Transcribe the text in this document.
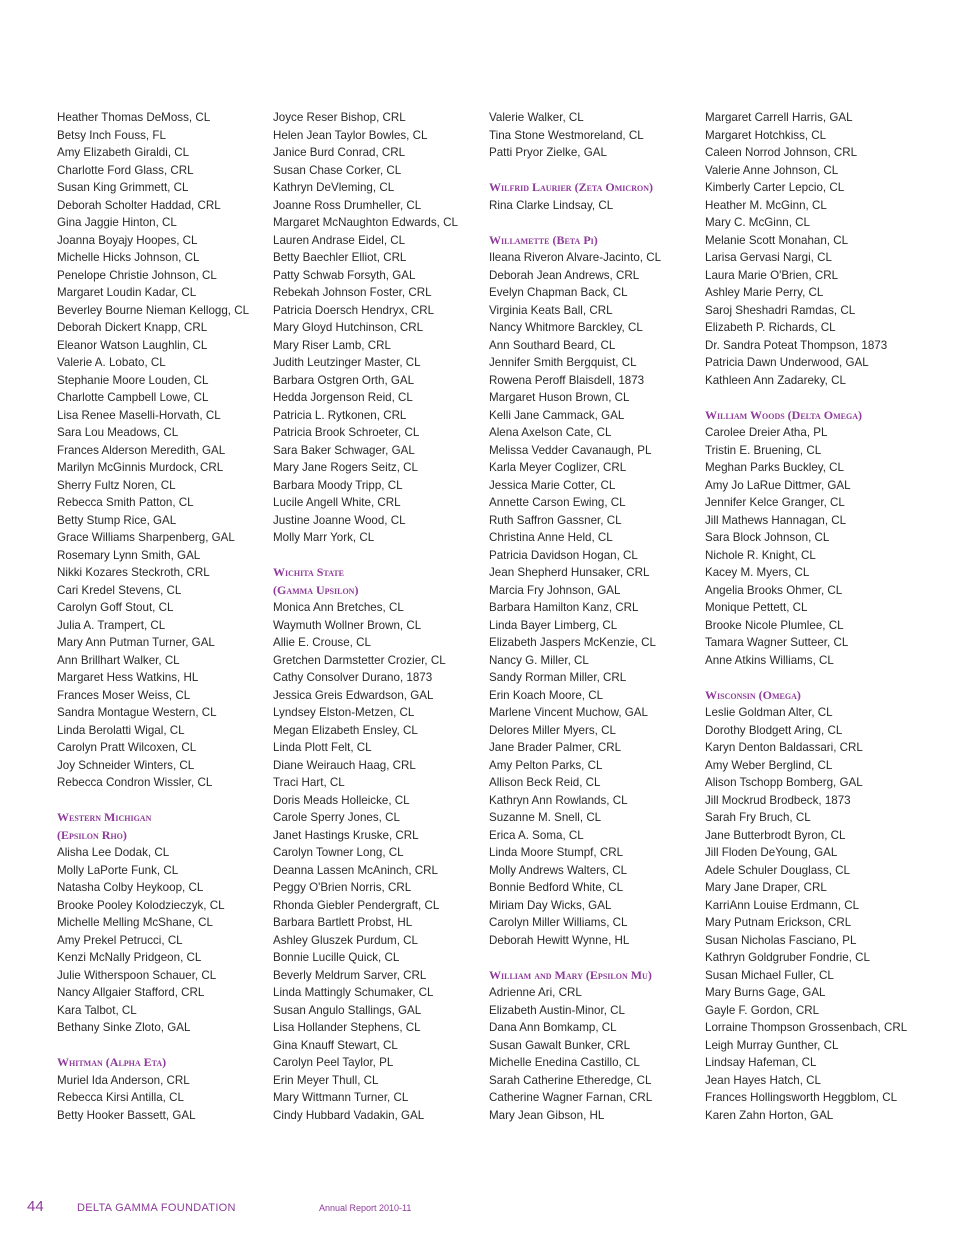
Heather Thomas DeMoss, CL
Betsy Inch Fouss, FL
Amy Elizabeth Giraldi, CL
Charlotte Ford Glass, CRL
Susan King Grimmett, CL
Deborah Scholter Haddad, CRL
Gina Jaggie Hinton, CL
Joanna Boyajy Hoopes, CL
Michelle Hicks Johnson, CL
Penelope Christie Johnson, CL
Margaret Loudin Kadar, CL
Beverley Bourne Nieman Kellogg, CL
Deborah Dickert Knapp, CRL
Eleanor Watson Laughlin, CL
Valerie A. Lobato, CL
Stephanie Moore Louden, CL
Charlotte Campbell Lowe, CL
Lisa Renee Maselli-Horvath, CL
Sara Lou Meadows, CL
Frances Alderson Meredith, GAL
Marilyn McGinnis Murdock, CRL
Sherry Fultz Noren, CL
Rebecca Smith Patton, CL
Betty Stump Rice, GAL
Grace Williams Sharpenberg, GAL
Rosemary Lynn Smith, GAL
Nikki Kozares Steckroth, CRL
Cari Kredel Stevens, CL
Carolyn Goff Stout, CL
Julia A. Trampert, CL
Mary Ann Putman Turner, GAL
Ann Brillhart Walker, CL
Margaret Hess Watkins, HL
Frances Moser Weiss, CL
Sandra Montague Western, CL
Linda Berolatti Wigal, CL
Carolyn Pratt Wilcoxen, CL
Joy Schneider Winters, CL
Rebecca Condron Wissler, CL
Western Michigan
(Epsilon Rho)
Alisha Lee Dodak, CL
Molly LaPorte Funk, CL
Natasha Colby Heykoop, CL
Brooke Pooley Kolodzieczyk, CL
Michelle Melling McShane, CL
Amy Prekel Petrucci, CL
Kenzi McNally Pridgeon, CL
Julie Witherspoon Schauer, CL
Nancy Allgaier Stafford, CRL
Kara Talbot, CL
Bethany Sinke Zloto, GAL
Whitman (Alpha Eta)
Muriel Ida Anderson, CRL
Rebecca Kirsi Antilla, CL
Betty Hooker Bassett, GAL
Joyce Reser Bishop, CRL
Helen Jean Taylor Bowles, CL
Janice Burd Conrad, CRL
Susan Chase Corker, CL
Kathryn DeVleming, CL
Joanne Ross Drumheller, CL
Margaret McNaughton Edwards, CL
Lauren Andrase Eidel, CL
Betty Baechler Elliot, CRL
Patty Schwab Forsyth, GAL
Rebekah Johnson Foster, CRL
Patricia Doersch Hendryx, CRL
Mary Gloyd Hutchinson, CRL
Mary Riser Lamb, CRL
Judith Leutzinger Master, CL
Barbara Ostgren Orth, GAL
Hedda Jorgenson Reid, CL
Patricia L. Rytkonen, CRL
Patricia Brook Schroeter, CL
Sara Baker Schwager, GAL
Mary Jane Rogers Seitz, CL
Barbara Moody Tripp, CL
Lucile Angell White, CRL
Justine Joanne Wood, CL
Molly Marr York, CL
Wichita State
(Gamma Upsilon)
Monica Ann Bretches, CL
Waymuth Wollner Brown, CL
Allie E. Crouse, CL
Gretchen Darmstetter Crozier, CL
Cathy Consolver Durano, 1873
Jessica Greis Edwardson, GAL
Lyndsey Elston-Metzen, CL
Megan Elizabeth Ensley, CL
Linda Plott Felt, CL
Diane Weirauch Haag, CRL
Traci Hart, CL
Doris Meads Holleicke, CL
Carole Sperry Jones, CL
Janet Hastings Kruske, CRL
Carolyn Towner Long, CL
Deanna Lassen McAninch, CRL
Peggy O'Brien Norris, CRL
Rhonda Giebler Pendergraft, CL
Barbara Bartlett Probst, HL
Ashley Gluszek Purdum, CL
Bonnie Lucille Quick, CL
Beverly Meldrum Sarver, CRL
Linda Mattingly Schumaker, CL
Susan Angulo Stallings, GAL
Lisa Hollander Stephens, CL
Gina Knauff Stewart, CL
Carolyn Peel Taylor, PL
Erin Meyer Thull, CL
Mary Wittmann Turner, CL
Cindy Hubbard Vadakin, GAL
Valerie Walker, CL
Tina Stone Westmoreland, CL
Patti Pryor Zielke, GAL
Wilfrid Laurier (Zeta Omicron)
Rina Clarke Lindsay, CL
Willamette (Beta Pi)
Ileana Riveron Alvare-Jacinto, CL
Deborah Jean Andrews, CRL
Evelyn Chapman Back, CL
Virginia Keats Ball, CRL
Nancy Whitmore Barckley, CL
Ann Southard Beard, CL
Jennifer Smith Bergquist, CL
Rowena Peroff Blaisdell, 1873
Margaret Huson Brown, CL
Kelli Jane Cammack, GAL
Alena Axelson Cate, CL
Melissa Vedder Cavanaugh, PL
Karla Meyer Coglizer, CRL
Jessica Marie Cotter, CL
Annette Carson Ewing, CL
Ruth Saffron Gassner, CL
Christina Anne Held, CL
Patricia Davidson Hogan, CL
Jean Shepherd Hunsaker, CRL
Marcia Fry Johnson, GAL
Barbara Hamilton Kanz, CRL
Linda Bayer Limberg, CL
Elizabeth Jaspers McKenzie, CL
Nancy G. Miller, CL
Sandy Rorman Miller, CRL
Erin Koach Moore, CL
Marlene Vincent Muchow, GAL
Delores Miller Myers, CL
Jane Brader Palmer, CRL
Amy Pelton Parks, CL
Allison Beck Reid, CL
Kathryn Ann Rowlands, CL
Suzanne M. Snell, CL
Erica A. Soma, CL
Linda Moore Stumpf, CRL
Molly Andrews Walters, CL
Bonnie Bedford White, CL
Miriam Day Wicks, GAL
Carolyn Miller Williams, CL
Deborah Hewitt Wynne, HL
William and Mary (Epsilon Mu)
Adrienne Ari, CRL
Elizabeth Austin-Minor, CL
Dana Ann Bomkamp, CL
Susan Gawalt Bunker, CRL
Michelle Enedina Castillo, CL
Sarah Catherine Etheredge, CL
Catherine Wagner Farnan, CRL
Mary Jean Gibson, HL
Margaret Carrell Harris, GAL
Margaret Hotchkiss, CL
Caleen Norrod Johnson, CRL
Valerie Anne Johnson, CL
Kimberly Carter Lepcio, CL
Heather M. McGinn, CL
Mary C. McGinn, CL
Melanie Scott Monahan, CL
Larisa Gervasi Nargi, CL
Laura Marie O'Brien, CRL
Ashley Marie Perry, CL
Saroj Sheshadri Ramdas, CL
Elizabeth P. Richards, CL
Dr. Sandra Poteat Thompson, 1873
Patricia Dawn Underwood, GAL
Kathleen Ann Zadareky, CL
William Woods (Delta Omega)
Carolee Dreier Atha, PL
Tristin E. Bruening, CL
Meghan Parks Buckley, CL
Amy Jo LaRue Dittmer, GAL
Jennifer Kelce Granger, CL
Jill Mathews Hannagan, CL
Sara Block Johnson, CL
Nichole R. Knight, CL
Kacey M. Myers, CL
Angelia Brooks Ohmer, CL
Monique Pettett, CL
Brooke Nicole Plumlee, CL
Tamara Wagner Sutteer, CL
Anne Atkins Williams, CL
Wisconsin (Omega)
Leslie Goldman Alter, CL
Dorothy Blodgett Aring, CL
Karyn Denton Baldassari, CRL
Amy Weber Berglind, CL
Alison Tschopp Bomberg, GAL
Jill Mockrud Brodbeck, 1873
Sarah Fry Bruch, CL
Jane Butterbrodt Byron, CL
Jill Floden DeYoung, GAL
Adele Schuler Douglass, CL
Mary Jane Draper, CRL
KarriAnn Louise Erdmann, CL
Mary Putnam Erickson, CRL
Susan Nicholas Fasciano, PL
Kathryn Goldgruber Fondrie, CL
Susan Michael Fuller, CL
Mary Burns Gage, GAL
Gayle F. Gordon, CRL
Lorraine Thompson Grossenbach, CRL
Leigh Murray Gunther, CL
Lindsay Hafeman, CL
Jean Hayes Hatch, CL
Frances Hollingsworth Heggblom, CL
Karen Zahn Horton, GAL
44	DELTA GAMMA FOUNDATION	Annual Report 2010-11
